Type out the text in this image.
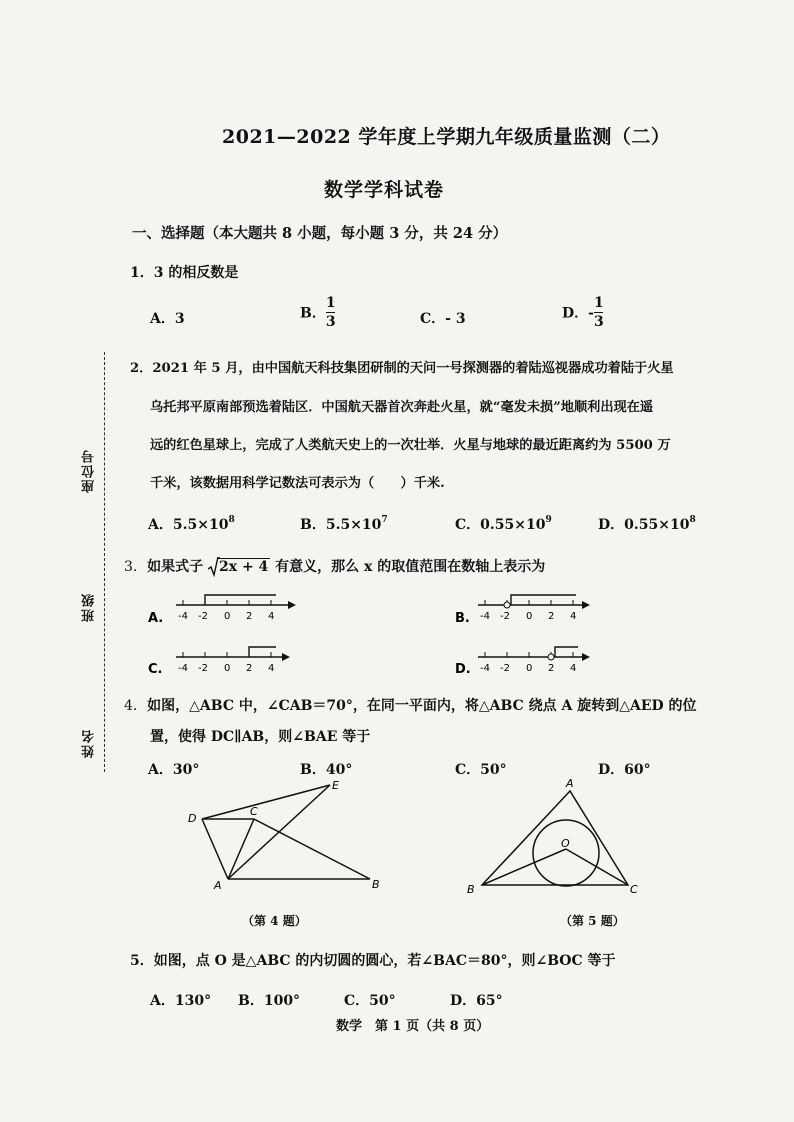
2021—2022 学年度上学期九年级质量监测（二）
数学学科试卷
座位号
班级
姓名
一、选择题（本大题共 8 小题，每小题 3 分，共 24 分）
1．3 的相反数是
A．3	B． $\frac{1}{3}$	C．- 3	D．- $\frac{1}{3}$
2．2021 年 5 月，由中国航天科技集团研制的天问一号探测器的着陆巡视器成功着陆于火星
乌托邦平原南部预选着陆区．中国航天器首次奔赴火星，就“毫发未损”地顺利出现在遥
远的红色星球上，完成了人类航天史上的一次壮举．火星与地球的最近距离约为 5500 万
千米，该数据用科学记数法可表示为（　　）千米.
A．$5.5\times 10^8$	B．$5.5\times 10^7$	C．$0.55\times 10^9$	D．$0.55\times 10^8$
3. 如果式子 2x + 4 有意义，那么 x 的取值范围在数轴上表示为
A. -4 -2 0 2 4	B. -4 -2 0 2 4
C. -4 -2 0 2 4	D. -4 -2 0 2 4
4. 如图，△ABC 中，∠CAB＝70°，在同一平面内，将△ABC 绕点 A 旋转到△AED 的位
置，使得 DC∥AB，则∠BAE 等于
A．30°	B．40°	C．50°	D．60°
D
C
E
A	B
（第 4 题）
A
O
B	C
（第 5 题）
5．如图，点 O 是△ABC 的内切圆的圆心，若∠BAC＝80°，则∠BOC 等于
A．130° B．100°	C．50°	D．65°
数学　第 1 页（共 8 页）
